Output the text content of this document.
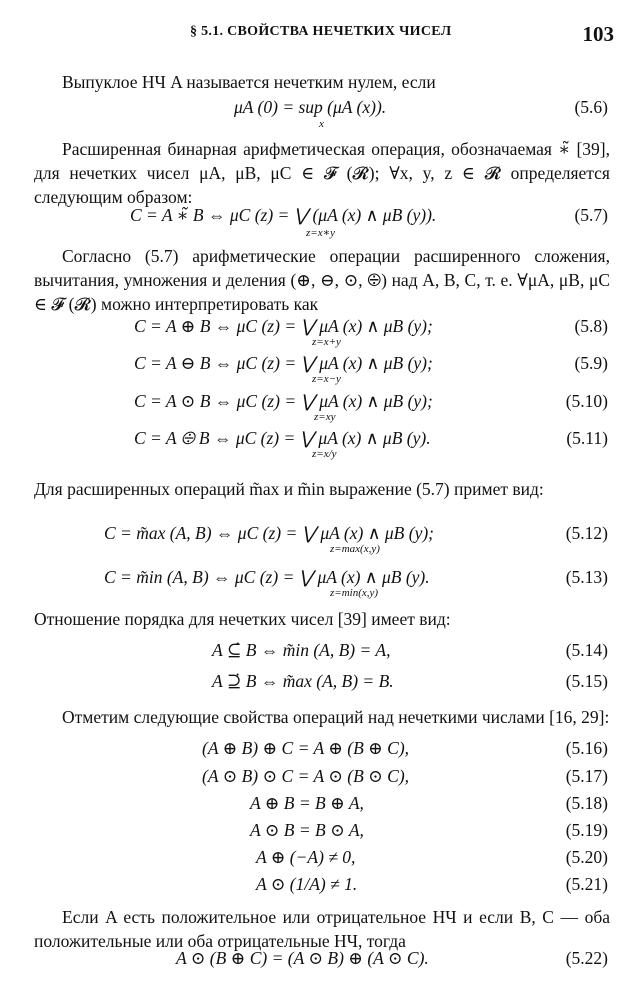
§ 5.1. СВОЙСТВА НЕЧЕТКИХ ЧИСЕЛ	103
Выпуклое НЧ A называется нечетким нулем, если
μA (0) = sup (μA (x)).
x
(5.6)
Расширенная бинарная арифметическая операция, обозначаемая ∗̃ [39], для нечетких чисел μA, μB, μC ∈ 𝓕 (𝓡); ∀x, y, z ∈ 𝓡 определяется следующим образом:
C = A ∗̃ B ⇔ μC (z) = ⋁ (μA (x) ∧ μB (y)).
z=x∗y
(5.7)
Согласно (5.7) арифметические операции расширенного сложения, вычитания, умножения и деления (⊕, ⊖, ⊙, ⨸) над A, B, C, т. е. ∀μA, μB, μC ∈ 𝓕 (𝓡) можно интерпретировать как
C = A ⊕ B ⇔ μC (z) = ⋁ μA (x) ∧ μB (y);
z=x+y
(5.8)
C = A ⊖ B ⇔ μC (z) = ⋁ μA (x) ∧ μB (y);
z=x−y
(5.9)
C = A ⊙ B ⇔ μC (z) = ⋁ μA (x) ∧ μB (y);
z=xy
(5.10)
C = A ⨸ B ⇔ μC (z) = ⋁ μA (x) ∧ μB (y).
z=x/y
(5.11)
Для расширенных операций m̃ax и m̃in выражение (5.7) примет вид:
C = m̃ax (A, B) ⇔ μC (z) = ⋁ μA (x) ∧ μB (y);
z=max(x,y)
(5.12)
C = m̃in (A, B) ⇔ μC (z) = ⋁ μA (x) ∧ μB (y).
z=min(x,y)
(5.13)
Отношение порядка для нечетких чисел [39] имеет вид:
A ⊆̇ B ⇔ m̃in (A, B) = A,	(5.14)
A ⊇̇ B ⇔ m̃ax (A, B) = B.	(5.15)
Отметим следующие свойства операций над нечеткими числами [16, 29]:
(A ⊕ B) ⊕ C = A ⊕ (B ⊕ C),	(5.16)
(A ⊙ B) ⊙ C = A ⊙ (B ⊙ C),	(5.17)
A ⊕ B = B ⊕ A,	(5.18)
A ⊙ B = B ⊙ A,	(5.19)
A ⊕ (−A) ≠ 0,	(5.20)
A ⊙ (1/A) ≠ 1.	(5.21)
Если A есть положительное или отрицательное НЧ и если B, C — оба положительные или оба отрицательные НЧ, тогда
A ⊙ (B ⊕ C) = (A ⊙ B) ⊕ (A ⊙ C).	(5.22)
